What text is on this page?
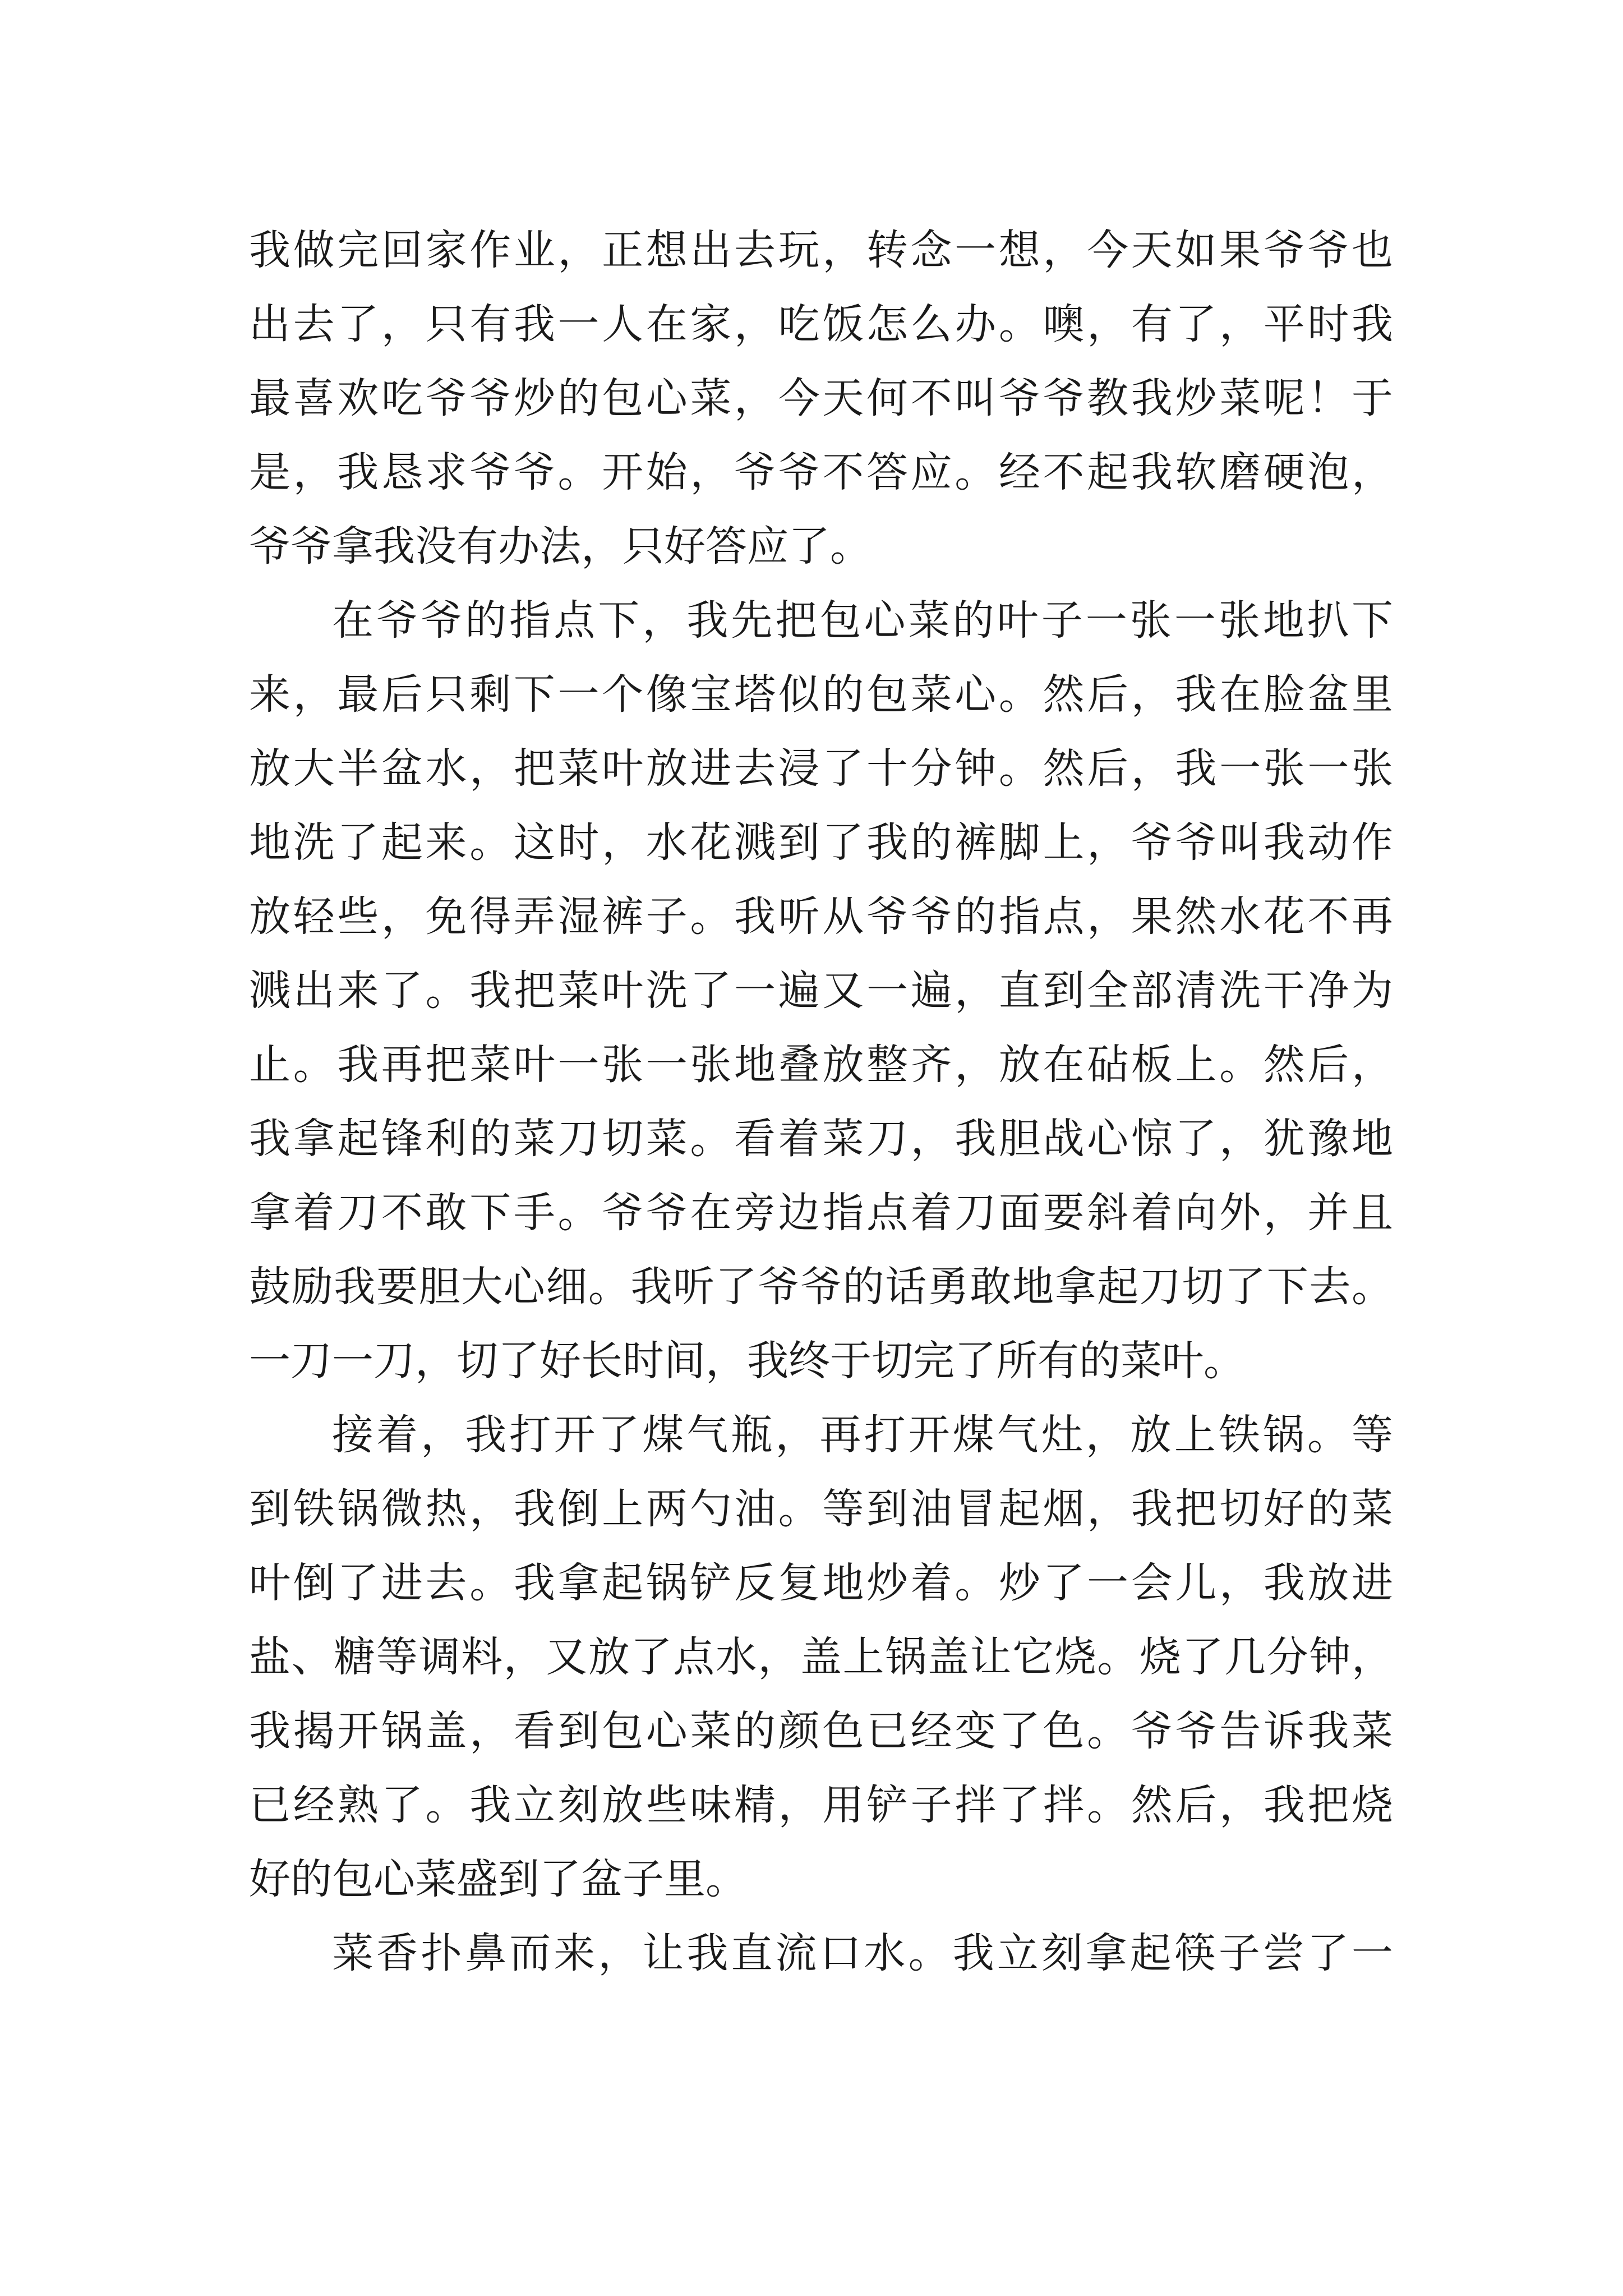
我做完回家作业，正想出去玩，转念一想，今天如果爷爷也
出去了，只有我一人在家，吃饭怎么办。噢，有了，平时我
最喜欢吃爷爷炒的包心菜，今天何不叫爷爷教我炒菜呢！于
是，我恳求爷爷。开始，爷爷不答应。经不起我软磨硬泡，
爷爷拿我没有办法，只好答应了。
在爷爷的指点下，我先把包心菜的叶子一张一张地扒下
来，最后只剩下一个像宝塔似的包菜心。然后，我在脸盆里
放大半盆水，把菜叶放进去浸了十分钟。然后，我一张一张
地洗了起来。这时，水花溅到了我的裤脚上，爷爷叫我动作
放轻些，免得弄湿裤子。我听从爷爷的指点，果然水花不再
溅出来了。我把菜叶洗了一遍又一遍，直到全部清洗干净为
止。我再把菜叶一张一张地叠放整齐，放在砧板上。然后，
我拿起锋利的菜刀切菜。看着菜刀，我胆战心惊了，犹豫地
拿着刀不敢下手。爷爷在旁边指点着刀面要斜着向外，并且
鼓励我要胆大心细。我听了爷爷的话勇敢地拿起刀切了下去。
一刀一刀，切了好长时间，我终于切完了所有的菜叶。
接着，我打开了煤气瓶，再打开煤气灶，放上铁锅。等
到铁锅微热，我倒上两勺油。等到油冒起烟，我把切好的菜
叶倒了进去。我拿起锅铲反复地炒着。炒了一会儿，我放进
盐、糖等调料，又放了点水，盖上锅盖让它烧。烧了几分钟，
我揭开锅盖，看到包心菜的颜色已经变了色。爷爷告诉我菜
已经熟了。我立刻放些味精，用铲子拌了拌。然后，我把烧
好的包心菜盛到了盆子里。
菜香扑鼻而来，让我直流口水。我立刻拿起筷子尝了一
